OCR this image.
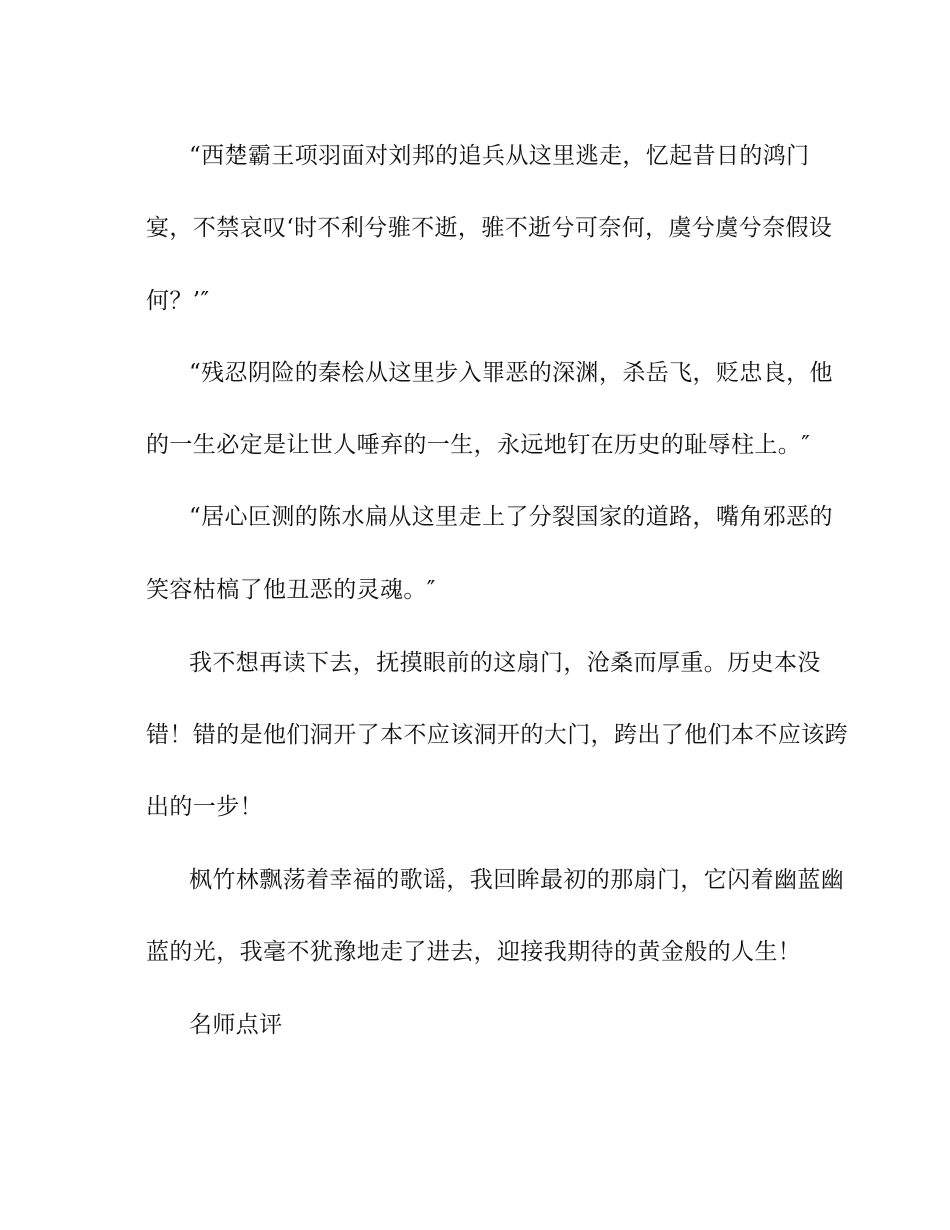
“西楚霸王项羽面对刘邦的追兵从这里逃走，忆起昔日的鸿门
宴，不禁哀叹‘时不利兮骓不逝，骓不逝兮可奈何，虞兮虞兮奈假设
何？’″
“残忍阴险的秦桧从这里步入罪恶的深渊，杀岳飞，贬忠良，他
的一生必定是让世人唾弃的一生，永远地钉在历史的耻辱柱上。″
“居心叵测的陈水扁从这里走上了分裂国家的道路，嘴角邪恶的
笑容枯槁了他丑恶的灵魂。″
我不想再读下去，抚摸眼前的这扇门，沧桑而厚重。历史本没
错！错的是他们洞开了本不应该洞开的大门，跨出了他们本不应该跨
出的一步！
枫竹林飘荡着幸福的歌谣，我回眸最初的那扇门，它闪着幽蓝幽
蓝的光，我毫不犹豫地走了进去，迎接我期待的黄金般的人生！
名师点评
